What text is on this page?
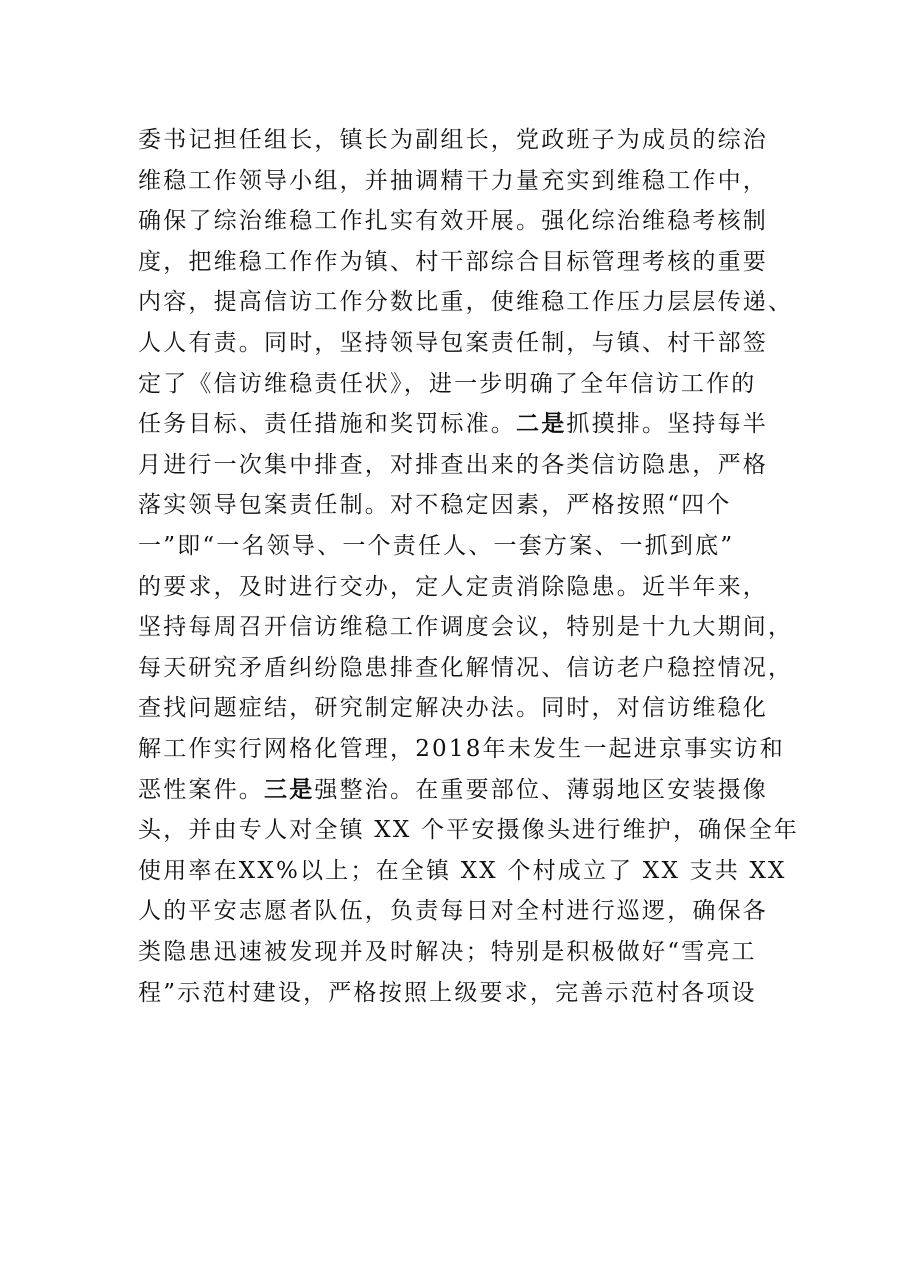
委书记担任组长，镇长为副组长，党政班子为成员的综治
维稳工作领导小组，并抽调精干力量充实到维稳工作中，
确保了综治维稳工作扎实有效开展。强化综治维稳考核制
度，把维稳工作作为镇、村干部综合目标管理考核的重要
内容，提高信访工作分数比重，使维稳工作压力层层传递、
人人有责。同时，坚持领导包案责任制，与镇、村干部签
定了《信访维稳责任状》，进一步明确了全年信访工作的
任务目标、责任措施和奖罚标准。二是抓摸排。坚持每半
月进行一次集中排查，对排查出来的各类信访隐患，严格
落实领导包案责任制。对不稳定因素，严格按照“四个
一”即“一名领导、一个责任人、一套方案、一抓到底”
的要求，及时进行交办，定人定责消除隐患。近半年来，
坚持每周召开信访维稳工作调度会议，特别是十九大期间，
每天研究矛盾纠纷隐患排查化解情况、信访老户稳控情况，
查找问题症结，研究制定解决办法。同时，对信访维稳化
解工作实行网格化管理，2018年未发生一起进京事实访和
恶性案件。三是强整治。在重要部位、薄弱地区安装摄像
头，并由专人对全镇 XX 个平安摄像头进行维护，确保全年
使用率在XX%以上；在全镇 XX 个村成立了 XX 支共 XX
人的平安志愿者队伍，负责每日对全村进行巡逻，确保各
类隐患迅速被发现并及时解决；特别是积极做好“雪亮工
程”示范村建设，严格按照上级要求，完善示范村各项设
